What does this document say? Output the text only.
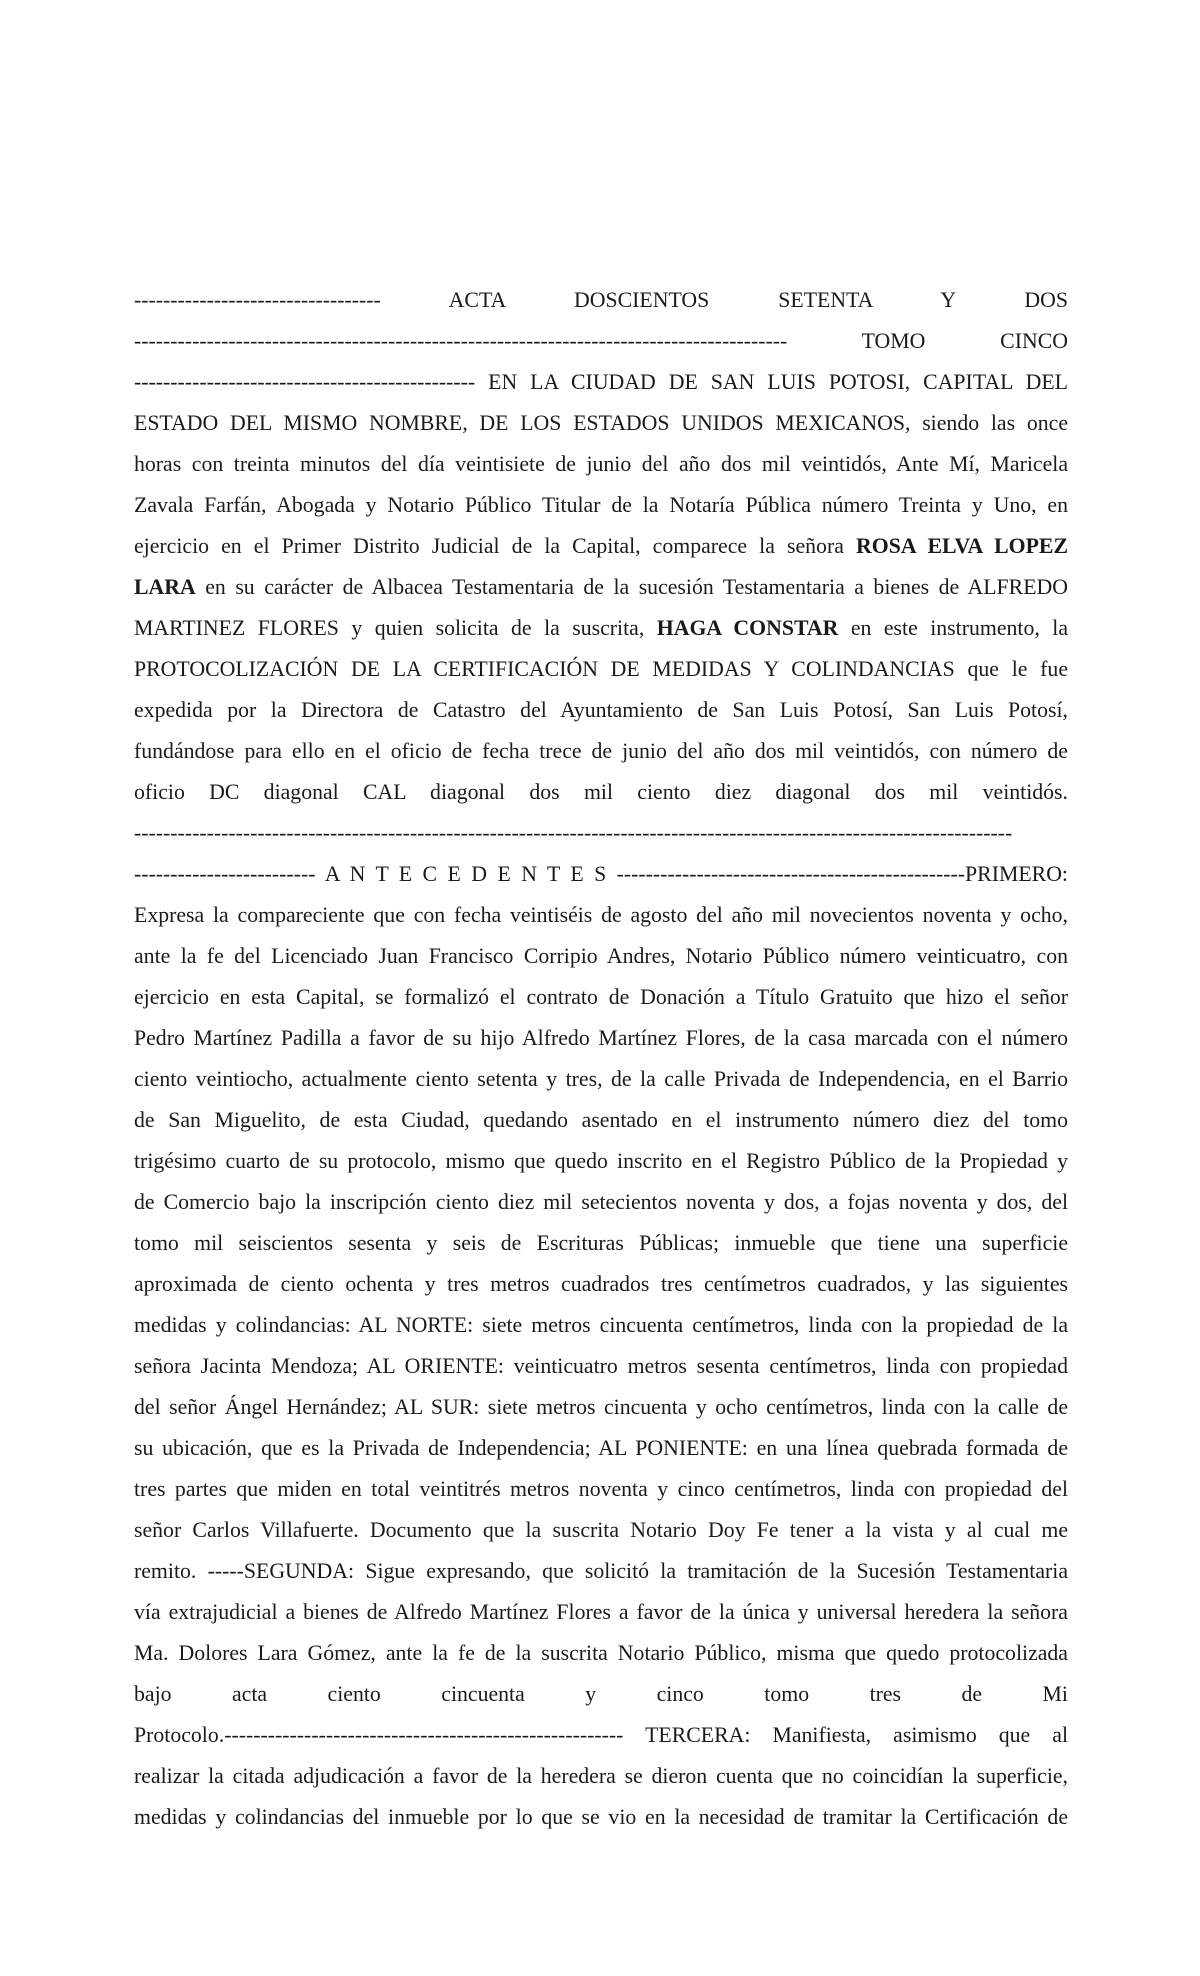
---------------------------------- ACTA DOSCIENTOS SETENTA Y DOS
------------------------------------------------------------------------------------------ TOMO CINCO
----------------------------------------------- EN LA CIUDAD DE SAN LUIS POTOSI, CAPITAL DEL
ESTADO DEL MISMO NOMBRE, DE LOS ESTADOS UNIDOS MEXICANOS, siendo las once
horas con treinta minutos del día veintisiete de junio del año dos mil veintidós, Ante Mí, Maricela
Zavala Farfán, Abogada y Notario Público Titular de la Notaría Pública número Treinta y Uno, en
ejercicio en el Primer Distrito Judicial de la Capital, comparece la señora ROSA ELVA LOPEZ
LARA en su carácter de Albacea Testamentaria de la sucesión Testamentaria a bienes de ALFREDO
MARTINEZ FLORES y quien solicita de la suscrita, HAGA CONSTAR en este instrumento, la
PROTOCOLIZACIÓN DE LA CERTIFICACIÓN DE MEDIDAS Y COLINDANCIAS que le fue
expedida por la Directora de Catastro del Ayuntamiento de San Luis Potosí, San Luis Potosí,
fundándose para ello en el oficio de fecha trece de junio del año dos mil veintidós, con número de
oficio DC diagonal CAL diagonal dos mil ciento diez diagonal dos mil veintidós.
-------------------------------------------------------------------------------------------------------------------------
------------------------- A N T E C E D E N T E S ------------------------------------------------PRIMERO:
Expresa la compareciente que con fecha veintiséis de agosto del año mil novecientos noventa y ocho,
ante la fe del Licenciado Juan Francisco Corripio Andres, Notario Público número veinticuatro, con
ejercicio en esta Capital, se formalizó el contrato de Donación a Título Gratuito que hizo el señor
Pedro Martínez Padilla a favor de su hijo Alfredo Martínez Flores, de la casa marcada con el número
ciento veintiocho, actualmente ciento setenta y tres, de la calle Privada de Independencia, en el Barrio
de San Miguelito, de esta Ciudad, quedando asentado en el instrumento número diez del tomo
trigésimo cuarto de su protocolo, mismo que quedo inscrito en el Registro Público de la Propiedad y
de Comercio bajo la inscripción ciento diez mil setecientos noventa y dos, a fojas noventa y dos, del
tomo mil seiscientos sesenta y seis de Escrituras Públicas; inmueble que tiene una superficie
aproximada de ciento ochenta y tres metros cuadrados tres centímetros cuadrados, y las siguientes
medidas y colindancias: AL NORTE: siete metros cincuenta centímetros, linda con la propiedad de la
señora Jacinta Mendoza; AL ORIENTE: veinticuatro metros sesenta centímetros, linda con propiedad
del señor Ángel Hernández; AL SUR: siete metros cincuenta y ocho centímetros, linda con la calle de
su ubicación, que es la Privada de Independencia; AL PONIENTE: en una línea quebrada formada de
tres partes que miden en total veintitrés metros noventa y cinco centímetros, linda con propiedad del
señor Carlos Villafuerte. Documento que la suscrita Notario Doy Fe tener a la vista y al cual me
remito. -----SEGUNDA: Sigue expresando, que solicitó la tramitación de la Sucesión Testamentaria
vía extrajudicial a bienes de Alfredo Martínez Flores a favor de la única y universal heredera la señora
Ma. Dolores Lara Gómez, ante la fe de la suscrita Notario Público, misma que quedo protocolizada
bajo acta ciento cincuenta y cinco tomo tres de Mi
Protocolo.------------------------------------------------------- TERCERA: Manifiesta, asimismo que al
realizar la citada adjudicación a favor de la heredera se dieron cuenta que no coincidían la superficie,
medidas y colindancias del inmueble por lo que se vio en la necesidad de tramitar la Certificación de
